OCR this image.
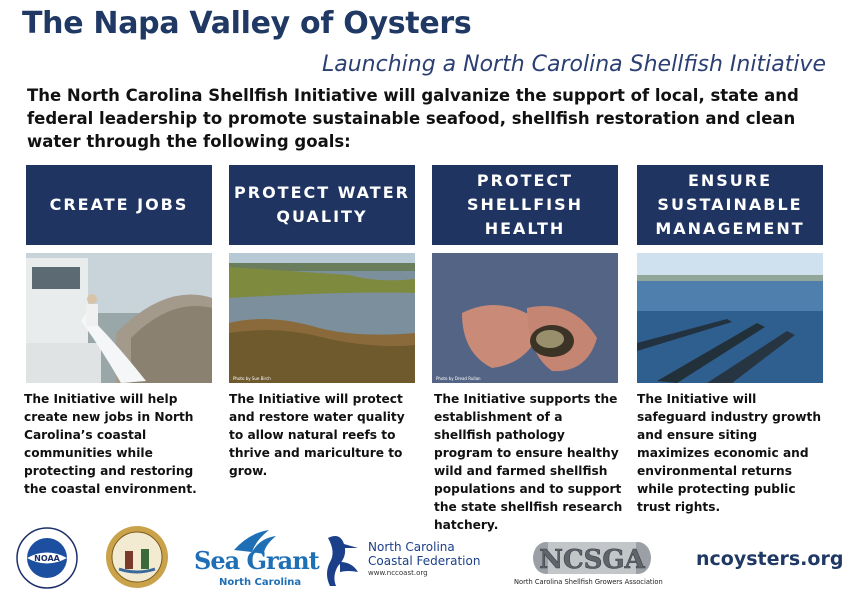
The Napa Valley of Oysters

Launching a North Carolina Shellfish Initiative

The North Carolina Shellfish Initiative will galvanize the support of local, state and federal leadership to promote sustainable seafood, shellfish restoration and clean water through the following goals:

CREATE JOBS

The Initiative will help create new jobs in North Carolina’s coastal communities while protecting and restoring the coastal environment.

PROTECT WATER QUALITY
Photo by Sue Birch

The Initiative will protect and restore water quality to allow natural reefs to thrive and mariculture to grow.

PROTECT SHELLFISH HEALTH
Photo by Dread Rullan

The Initiative supports the establishment of a shellfish pathology program to ensure healthy wild and farmed shellfish populations and to support the state shellfish research hatchery.

ENSURE SUSTAINABLE MANAGEMENT

The Initiative will safeguard industry growth and ensure siting maximizes economic and environmental returns while protecting public trust rights.

NOAA	Sea Grant
North Carolina
North Carolina
Coastal Federation
www.nccoast.org	NCSGA
North Carolina Shellfish Growers Association

ncoysters.org
